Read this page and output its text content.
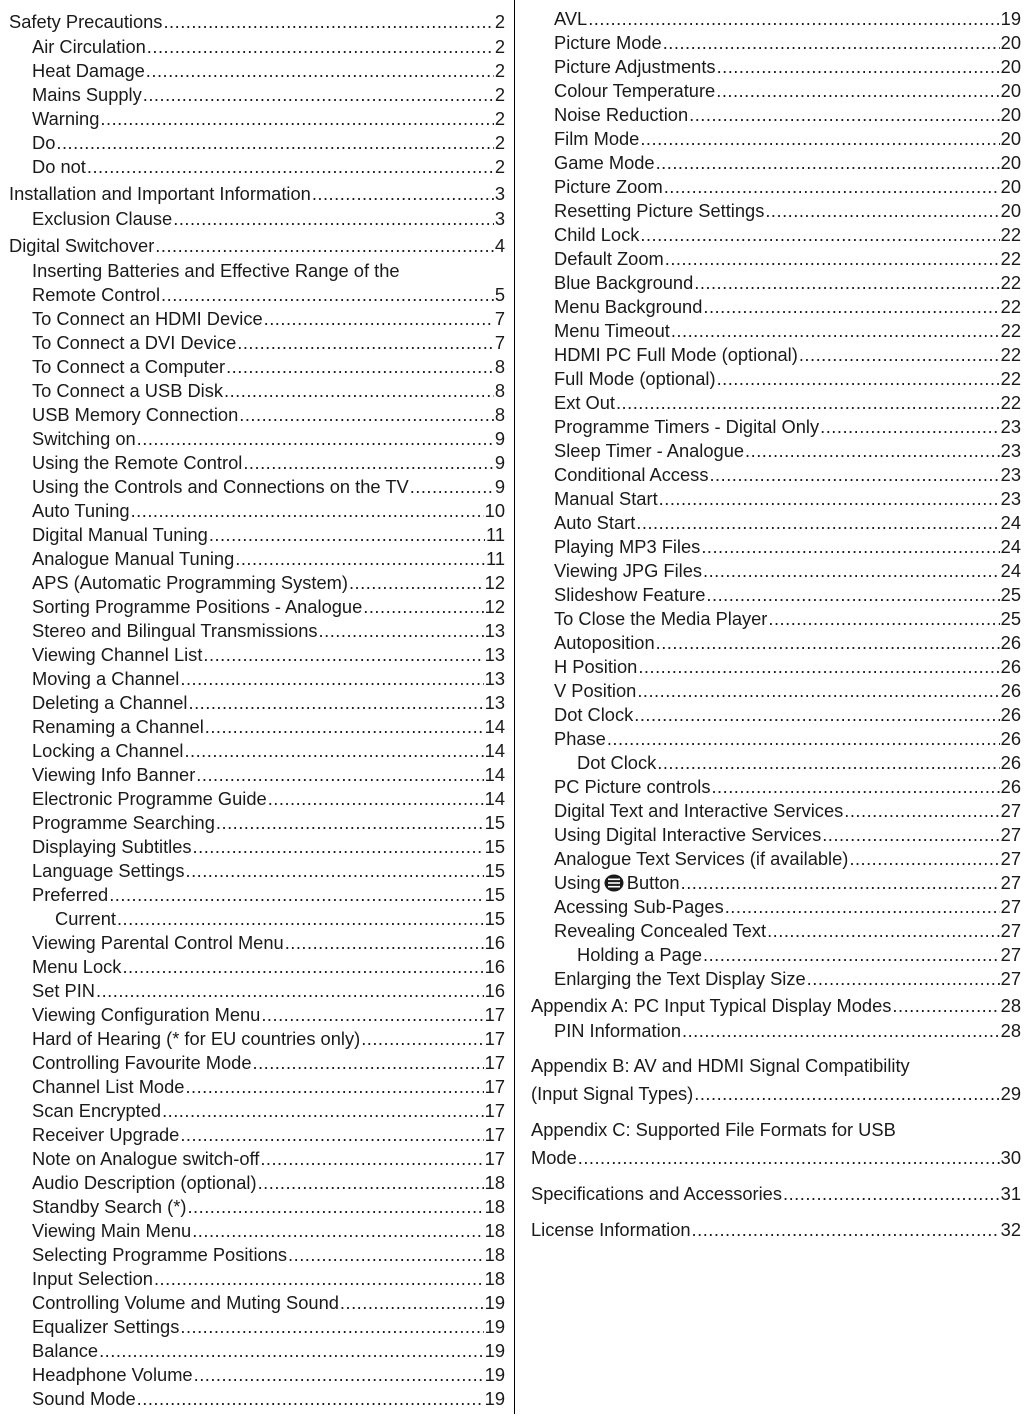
Safety Precautions .....	2
Air Circulation .....	2
Heat Damage .....	2
Mains Supply .....	2
Warning .....	2
Do .....	2
Do not .....	2
Installation and Important Information .....	3
Exclusion Clause .....	3
Digital Switchover .....	4
Inserting Batteries and Effective Range of the
Remote Control .....	5
To Connect an HDMI Device .....	7
To Connect a DVI Device .....	7
To Connect a Computer .....	8
To Connect a USB Disk .....	8
USB Memory Connection .....	8
Switching on .....	9
Using the Remote Control .....	9
Using the Controls and Connections on the TV .....	9
Auto Tuning .....	10
Digital Manual Tuning .....	11
Analogue Manual Tuning .....	11
APS (Automatic Programming System) .....	12
Sorting Programme Positions - Analogue .....	12
Stereo and Bilingual Transmissions .....	13
Viewing Channel List .....	13
Moving a Channel .....	13
Deleting a Channel .....	13
Renaming a Channel .....	14
Locking a Channel .....	14
Viewing Info Banner .....	14
Electronic Programme Guide .....	14
Programme Searching .....	15
Displaying Subtitles .....	15
Language Settings .....	15
Preferred .....	15
Current .....	15
Viewing Parental Control Menu .....	16
Menu Lock .....	16
Set PIN .....	16
Viewing Configuration Menu .....	17
Hard of Hearing (* for EU countries only) .....	17
Controlling Favourite Mode .....	17
Channel List Mode .....	17
Scan Encrypted .....	17
Receiver Upgrade .....	17
Note on Analogue switch-off .....	17
Audio Description (optional) .....	18
Standby Search (*) .....	18
Viewing Main Menu .....	18
Selecting Programme Positions .....	18
Input Selection .....	18
Controlling Volume and Muting Sound .....	19
Equalizer Settings .....	19
Balance .....	19
Headphone Volume .....	19
Sound Mode .....	19
AVL .....	19
Picture Mode .....	20
Picture Adjustments .....	20
Colour Temperature .....	20
Noise Reduction .....	20
Film Mode .....	20
Game Mode .....	20
Picture Zoom .....	20
Resetting Picture Settings .....	20
Child Lock .....	22
Default Zoom .....	22
Blue Background .....	22
Menu Background .....	22
Menu Timeout .....	22
HDMI PC Full Mode (optional) .....	22
Full Mode (optional) .....	22
Ext Out .....	22
Programme Timers - Digital Only .....	23
Sleep Timer - Analogue .....	23
Conditional Access .....	23
Manual Start .....	23
Auto Start .....	24
Playing MP3 Files .....	24
Viewing JPG Files .....	24
Slideshow Feature .....	25
To Close the Media Player .....	25
Autoposition .....	26
H Position .....	26
V Position .....	26
Dot Clock .....	26
Phase .....	26
Dot Clock .....	26
PC Picture controls .....	26
Digital Text and Interactive Services .....	27
Using Digital Interactive Services .....	27
Analogue Text Services (if available) .....	27
Using Button .....	27
Acessing Sub-Pages .....	27
Revealing Concealed Text .....	27
Holding a Page .....	27
Enlarging the Text Display Size .....	27
Appendix A: PC Input Typical Display Modes .....	28
PIN Information .....	28
Appendix B: AV and HDMI Signal Compatibility
(Input Signal Types) .....	29
Appendix C: Supported File Formats for USB
Mode .....	30
Specifications and Accessories .....	31
License Information .....	32
